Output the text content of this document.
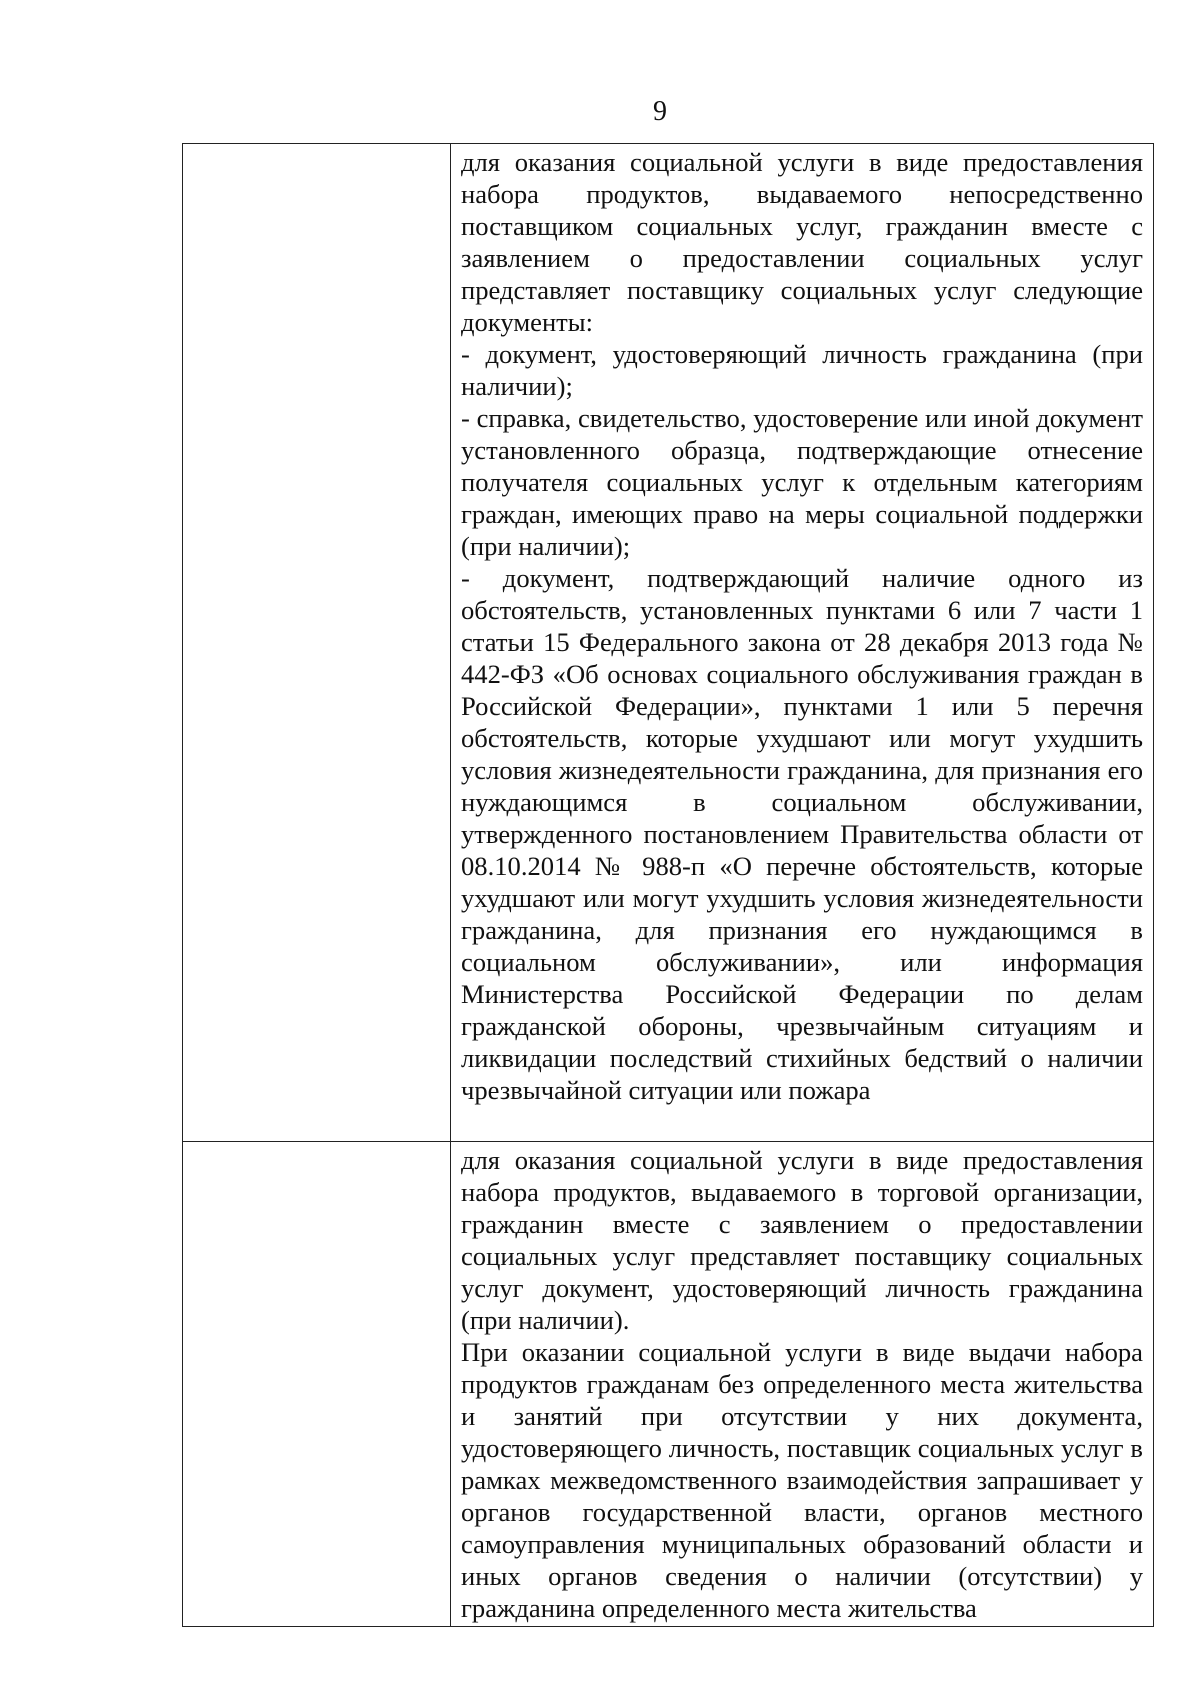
9

	для оказания социальной услуги в виде предоставления набора продуктов, выдаваемого непосредственно поставщиком социальных услуг, гражданин вместе с заявлением о предоставлении социальных услуг представляет поставщику социальных услуг следующие документы:

- документ, удостоверяющий личность гражданина (при наличии);

- справка, свидетельство, удостоверение или иной документ установленного образца, подтверждающие отнесение получателя социальных услуг к отдельным категориям граждан, имеющих право на меры социальной поддержки (при наличии);

- документ, подтверждающий наличие одного из обстоятельств, установленных пунктами 6 или 7 части 1 статьи 15 Федерального закона от 28 декабря 2013 года № 442-ФЗ «Об основах социального обслуживания граждан в Российской Федерации», пунктами 1 или 5 перечня обстоятельств, которые ухудшают или могут ухудшить условия жизнедеятельности гражданина, для признания его нуждающимся в социальном обслуживании, утвержденного постановлением Правительства области от 08.10.2014 № 988-п «О перечне обстоятельств, которые ухудшают или могут ухудшить условия жизнедеятельности гражданина, для признания его нуждающимся в социальном обслуживании», или информация Министерства Российской Федерации по делам гражданской обороны, чрезвычайным ситуациям и ликвидации последствий стихийных бедствий о наличии чрезвычайной ситуации или пожара

	для оказания социальной услуги в виде предоставления набора продуктов, выдаваемого в торговой организации, гражданин вместе с заявлением о предоставлении социальных услуг представляет поставщику социальных услуг документ, удостоверяющий личность гражданина (при наличии).

При оказании социальной услуги в виде выдачи набора продуктов гражданам без определенного места жительства и занятий при отсутствии у них документа, удостоверяющего личность, поставщик социальных услуг в рамках межведомственного взаимодействия запрашивает у органов государственной власти, органов местного самоуправления муниципальных образований области и иных органов сведения о наличии (отсутствии) у гражданина определенного места жительства
